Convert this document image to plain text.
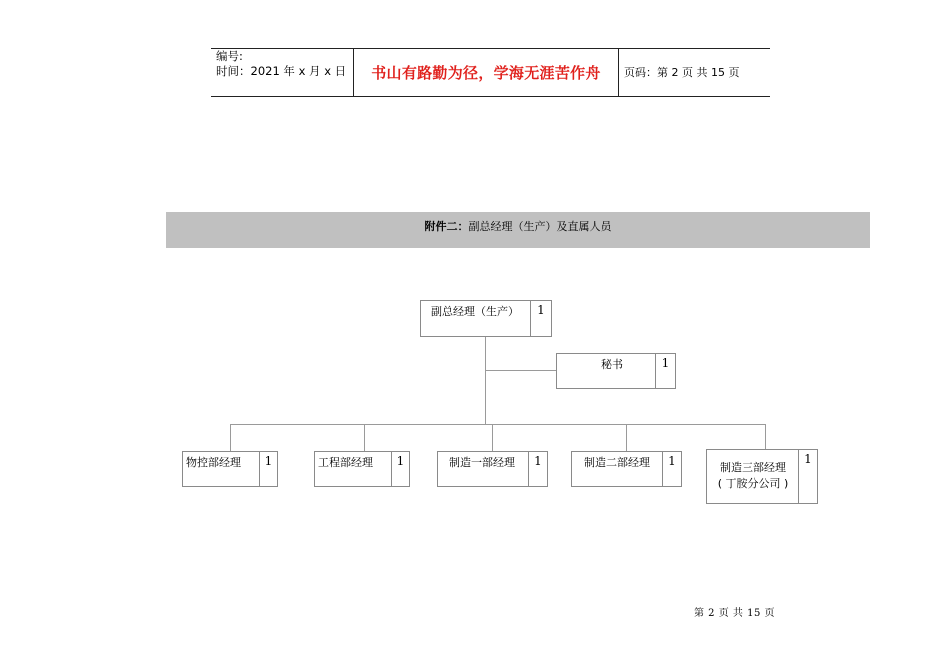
编号:
时间：2021 年 x 月 x 日	书山有路勤为径，学海无涯苦作舟	页码：第 2 页 共 15 页
附件二：副总经理（生产）及直属人员
副总经理（生产）	1
秘书	1
物控部经理	1	工程部经理	1	制造一部经理	1	制造二部经理	1	制造三部经理
( 丁胺分公司 )
1
第 2 页 共 15 页
